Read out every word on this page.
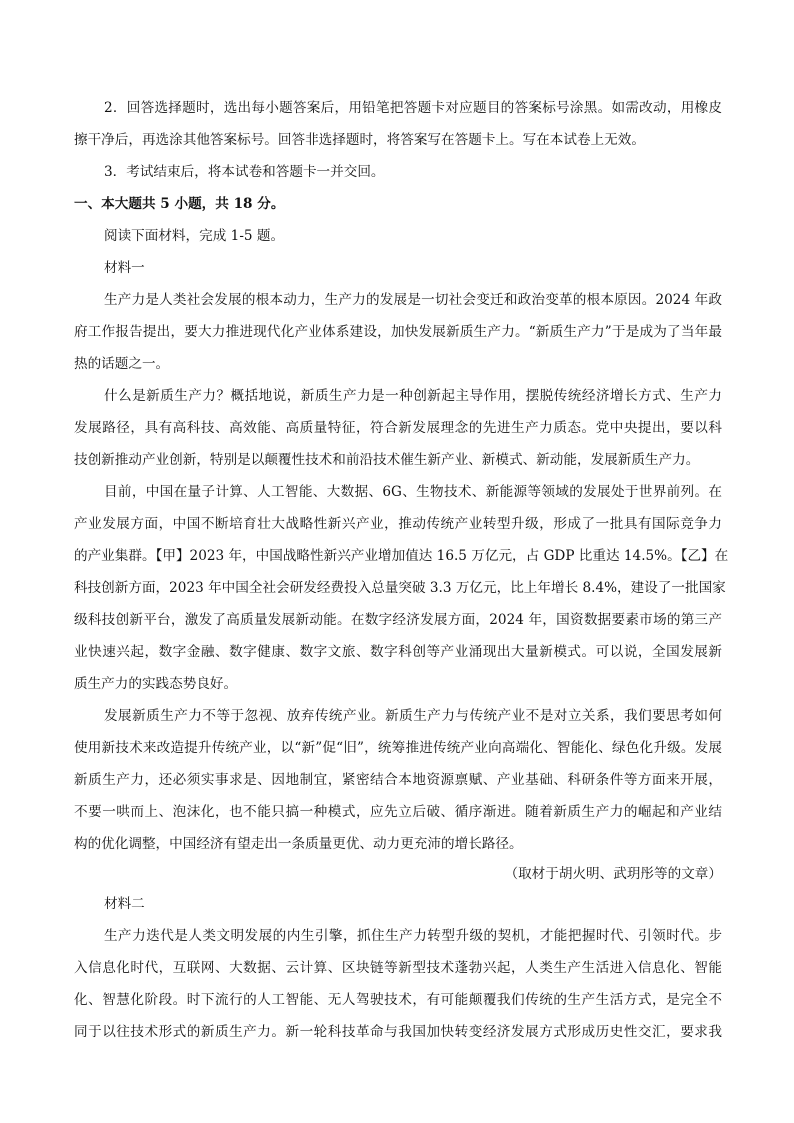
2．回答选择题时，选出每小题答案后，用铅笔把答题卡对应题目的答案标号涂黑。如需改动，用橡皮
擦干净后，再选涂其他答案标号。回答非选择题时，将答案写在答题卡上。写在本试卷上无效。
3．考试结束后，将本试卷和答题卡一并交回。
一、本大题共 5 小题，共 18 分。
阅读下面材料，完成 1-5 题。
材料一
生产力是人类社会发展的根本动力，生产力的发展是一切社会变迁和政治变革的根本原因。2024 年政
府工作报告提出，要大力推进现代化产业体系建设，加快发展新质生产力。“新质生产力”于是成为了当年最
热的话题之一。
什么是新质生产力？概括地说，新质生产力是一种创新起主导作用，摆脱传统经济增长方式、生产力
发展路径，具有高科技、高效能、高质量特征，符合新发展理念的先进生产力质态。党中央提出，要以科
技创新推动产业创新，特别是以颠覆性技术和前沿技术催生新产业、新模式、新动能，发展新质生产力。
目前，中国在量子计算、人工智能、大数据、6G、生物技术、新能源等领域的发展处于世界前列。在
产业发展方面，中国不断培育壮大战略性新兴产业，推动传统产业转型升级，形成了一批具有国际竞争力
的产业集群。【甲】2023 年，中国战略性新兴产业增加值达 16.5 万亿元，占 GDP 比重达 14.5%。【乙】在
科技创新方面，2023 年中国全社会研发经费投入总量突破 3.3 万亿元，比上年增长 8.4%，建设了一批国家
级科技创新平台，激发了高质量发展新动能。在数字经济发展方面，2024 年，国资数据要素市场的第三产
业快速兴起，数字金融、数字健康、数字文旅、数字科创等产业涌现出大量新模式。可以说，全国发展新
质生产力的实践态势良好。
发展新质生产力不等于忽视、放弃传统产业。新质生产力与传统产业不是对立关系，我们要思考如何
使用新技术来改造提升传统产业，以“新”促“旧”，统筹推进传统产业向高端化、智能化、绿色化升级。发展
新质生产力，还必须实事求是、因地制宜，紧密结合本地资源禀赋、产业基础、科研条件等方面来开展，
不要一哄而上、泡沫化，也不能只搞一种模式，应先立后破、循序渐进。随着新质生产力的崛起和产业结
构的优化调整，中国经济有望走出一条质量更优、动力更充沛的增长路径。
（取材于胡火明、武玥彤等的文章）
材料二
生产力迭代是人类文明发展的内生引擎，抓住生产力转型升级的契机，才能把握时代、引领时代。步
入信息化时代，互联网、大数据、云计算、区块链等新型技术蓬勃兴起，人类生产生活进入信息化、智能
化、智慧化阶段。时下流行的人工智能、无人驾驶技术，有可能颠覆我们传统的生产生活方式，是完全不
同于以往技术形式的新质生产力。新一轮科技革命与我国加快转变经济发展方式形成历史性交汇，要求我
